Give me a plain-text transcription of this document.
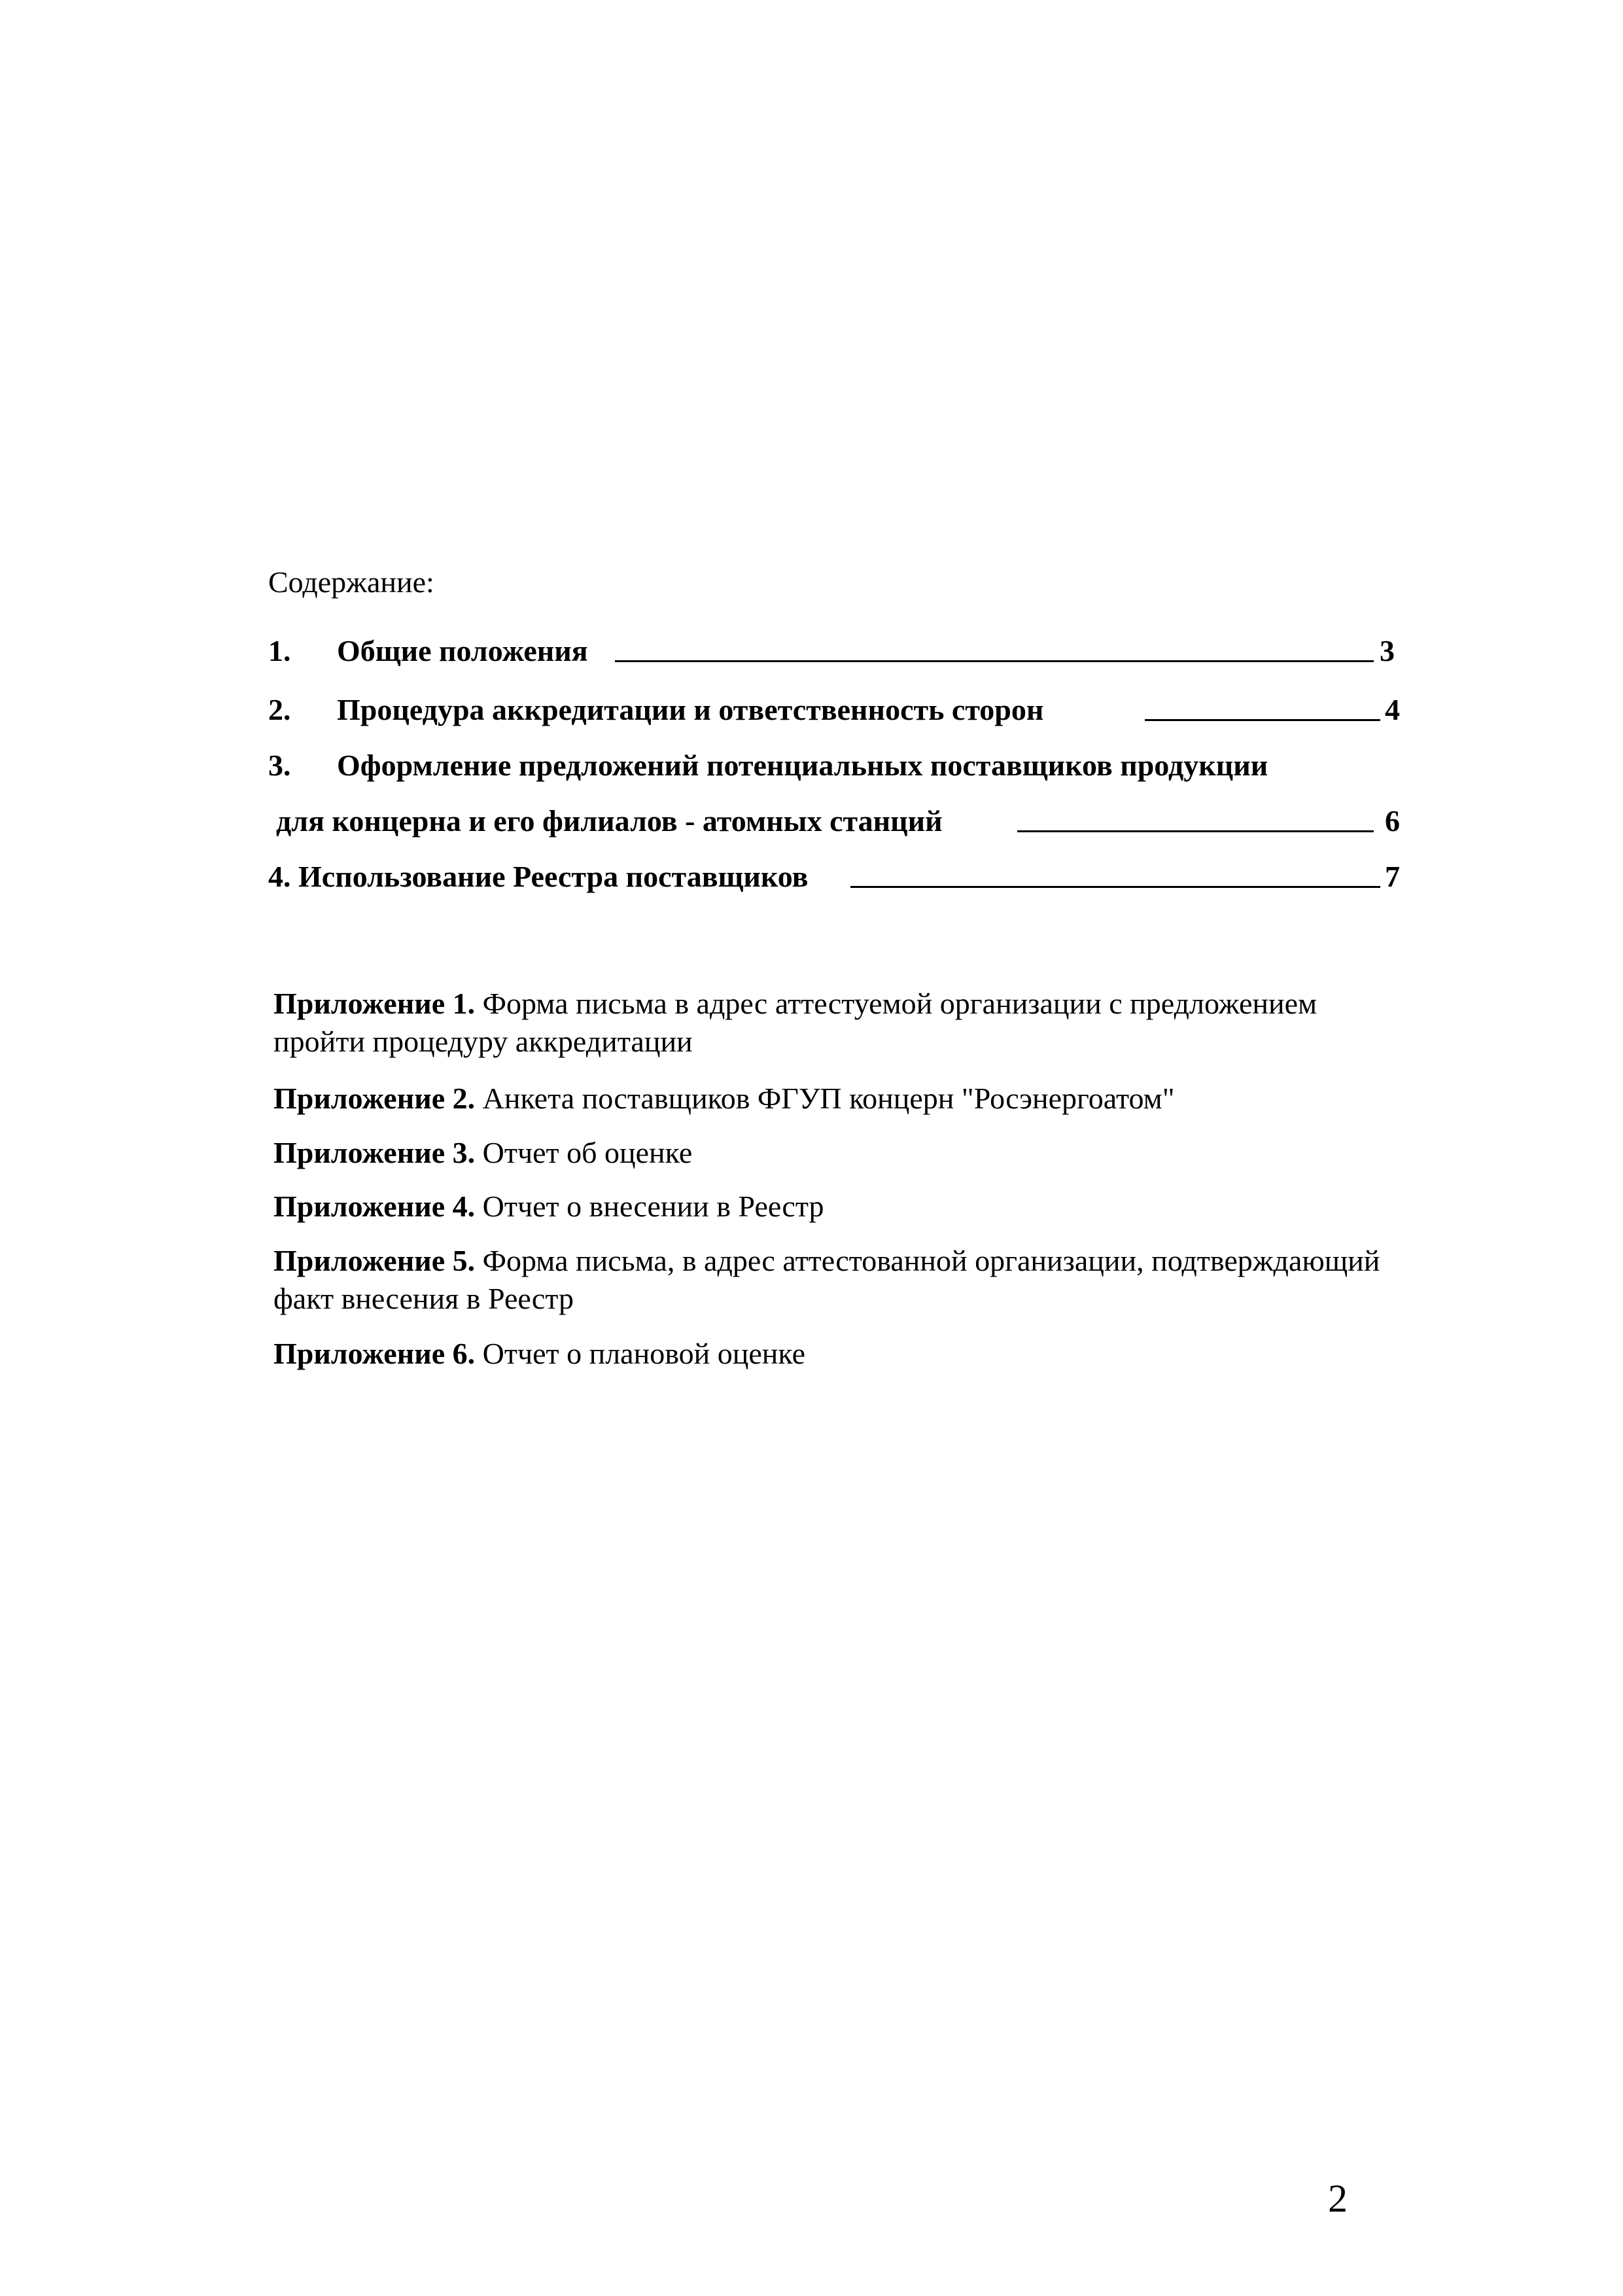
Содержание:
1. Общие положения	3
2. Процедура аккредитации и ответственность сторон	4
3. Оформление предложений потенциальных поставщиков продукции
для концерна и его филиалов - атомных станций	6
4. Использование Реестра поставщиков	7
Приложение 1. Форма письма в адрес аттестуемой организации с предложением пройти процедуру аккредитации
Приложение 2. Анкета поставщиков ФГУП концерн "Росэнергоатом"
Приложение 3. Отчет об оценке
Приложение 4. Отчет о внесении в Реестр
Приложение 5. Форма письма, в адрес аттестованной организации, подтверждающий факт внесения в Реестр
Приложение 6. Отчет о плановой оценке
2
